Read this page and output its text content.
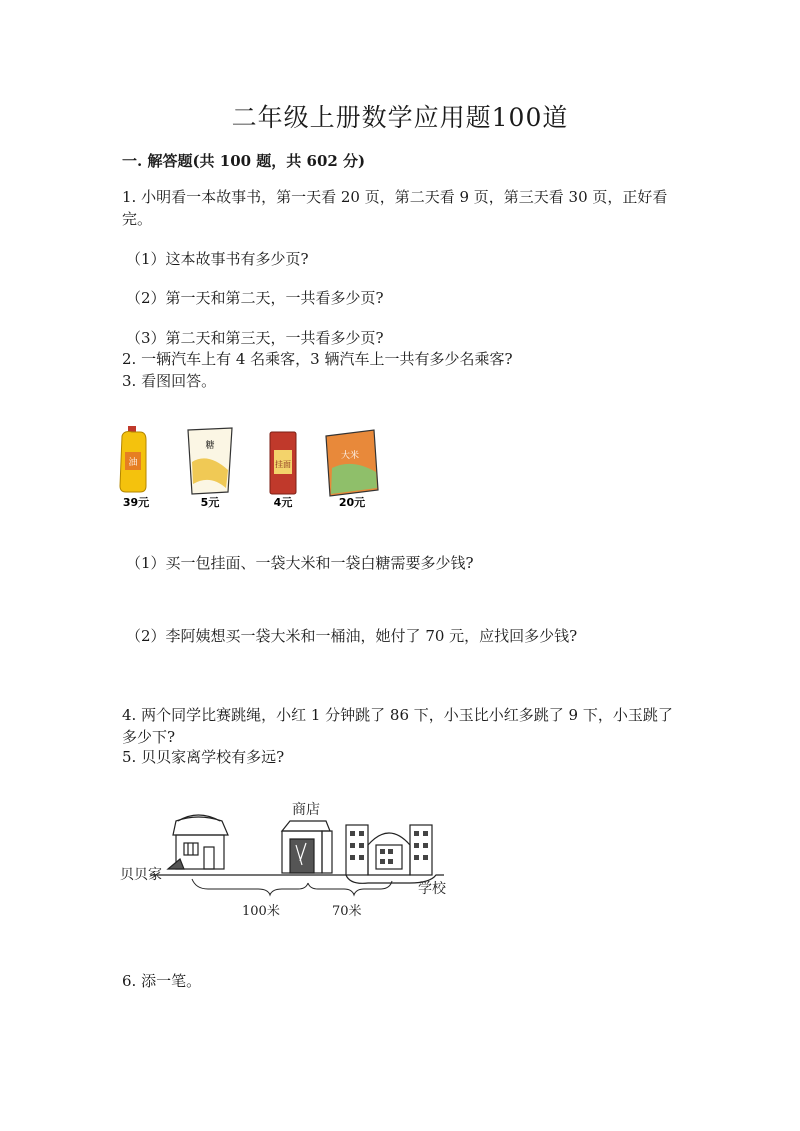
二年级上册数学应用题100道
一. 解答题(共 100 题，共 602 分)
1. 小明看一本故事书，第一天看 20 页，第二天看 9 页，第三天看 30 页，正好看完。
（1）这本故事书有多少页?
（2）第一天和第二天，一共看多少页?
（3）第二天和第三天，一共看多少页?
2. 一辆汽车上有 4 名乘客，3 辆汽车上一共有多少名乘客?
3. 看图回答。
油
糖
挂面
大米
39元	5元	4元	20元
（1）买一包挂面、一袋大米和一袋白糖需要多少钱?
（2）李阿姨想买一袋大米和一桶油，她付了 70 元，应找回多少钱?
4. 两个同学比赛跳绳，小红 1 分钟跳了 86 下，小玉比小红多跳了 9 下，小玉跳了多少下?
5. 贝贝家离学校有多远?
贝贝家
商店
学校
100米	70米
6. 添一笔。
